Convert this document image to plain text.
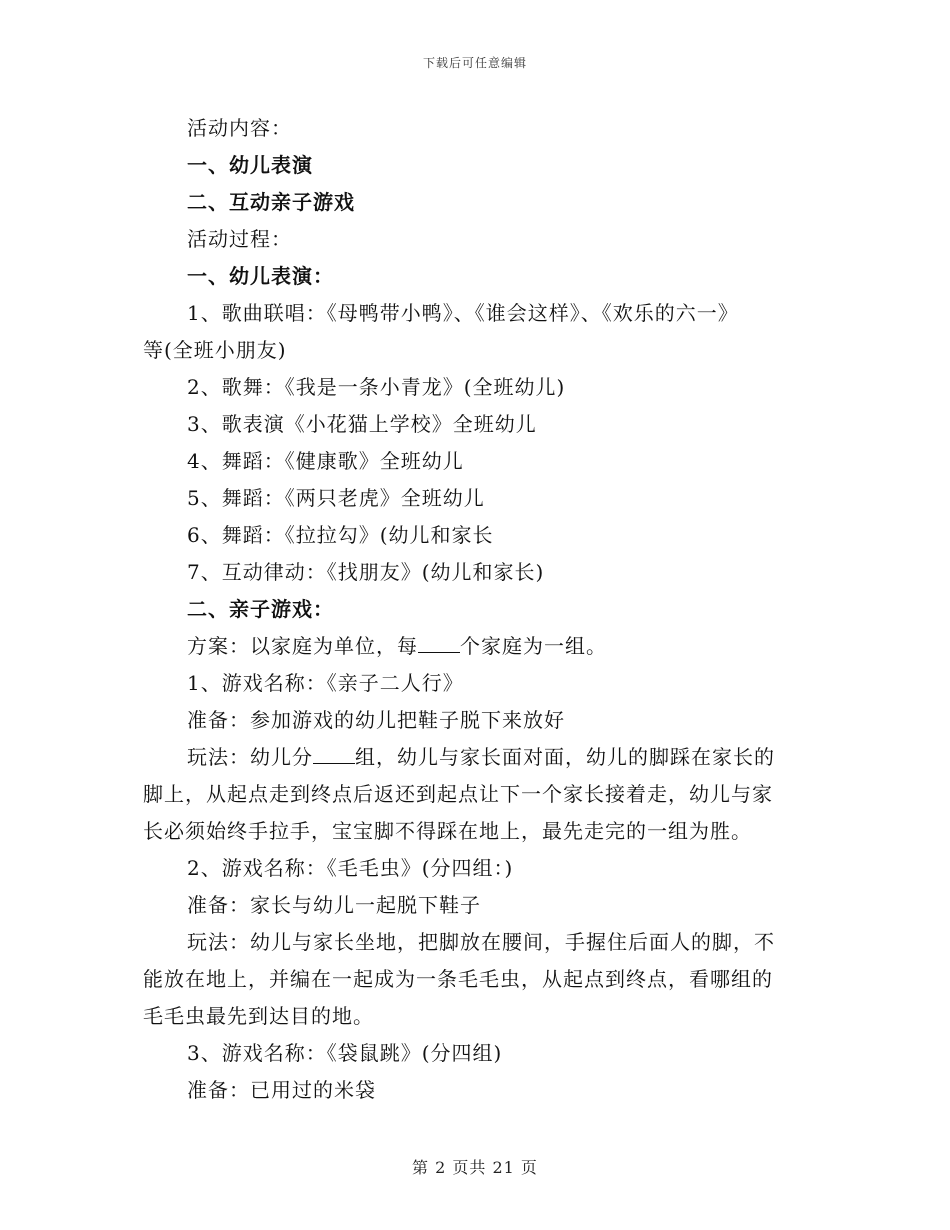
下载后可任意编辑
活动内容：
一、幼儿表演
二、互动亲子游戏
活动过程：
一、幼儿表演：
1、歌曲联唱：《母鸭带小鸭》、《谁会这样》、《欢乐的六一》
等(全班小朋友)
2、歌舞：《我是一条小青龙》(全班幼儿)
3、歌表演《小花猫上学校》全班幼儿
4、舞蹈：《健康歌》全班幼儿
5、舞蹈：《两只老虎》全班幼儿
6、舞蹈：《拉拉勾》(幼儿和家长
7、互动律动：《找朋友》(幼儿和家长)
二、亲子游戏：
方案：以家庭为单位，每 个家庭为一组。
1、游戏名称：《亲子二人行》
准备：参加游戏的幼儿把鞋子脱下来放好
玩法：幼儿分 组，幼儿与家长面对面，幼儿的脚踩在家长的
脚上，从起点走到终点后返还到起点让下一个家长接着走，幼儿与家
长必须始终手拉手，宝宝脚不得踩在地上，最先走完的一组为胜。
2、游戏名称：《毛毛虫》(分四组：)
准备：家长与幼儿一起脱下鞋子
玩法：幼儿与家长坐地，把脚放在腰间，手握住后面人的脚，不
能放在地上，并编在一起成为一条毛毛虫，从起点到终点，看哪组的
毛毛虫最先到达目的地。
3、游戏名称：《袋鼠跳》(分四组)
准备：已用过的米袋
第 2 页共 21 页
